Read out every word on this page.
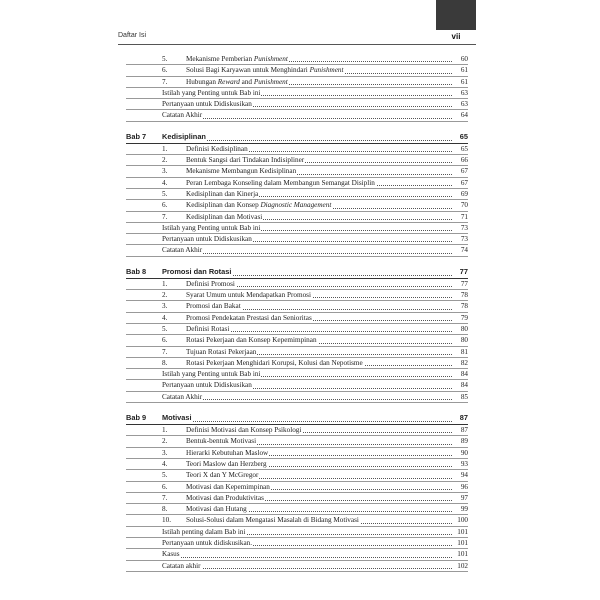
Daftar Isi	vii
5.	Mekanisme Pemberian Punishment	60
6.	Solusi Bagi Karyawan untuk Menghindari Punishment	61
7.	Hubungan Reward and Punishment	61
Istilah yang Penting untuk Bab ini	63
Pertanyaan untuk Didiskusikan	63
Catatan Akhir	64
Bab 7 Kedisiplinan	65
1.	Definisi Kedisiplinan	65
2.	Bentuk Sangsi dari Tindakan Indisipliner	66
3.	Mekanisme Membangun Kedisiplinan	67
4.	Peran Lembaga Konseling dalam Membangun Semangat Disiplin	67
5.	Kedisiplinan dan Kinerja	69
6.	Kedisiplinan dan Konsep Diagnostic Management	70
7.	Kedisiplinan dan Motivasi	71
Istilah yang Penting untuk Bab ini	73
Pertanyaan untuk Didiskusikan	73
Catatan Akhir	74
Bab 8 Promosi dan Rotasi	77
1.	Definisi Promosi	77
2.	Syarat Umum untuk Mendapatkan Promosi	78
3.	Promosi dan Bakat	78
4.	Promosi Pendekatan Prestasi dan Senioritas	79
5.	Definisi Rotasi	80
6.	Rotasi Pekerjaan dan Konsep Kepemimpinan	80
7.	Tujuan Rotasi Pekerjaan	81
8.	Rotasi Pekerjaan Menghidari Korupsi, Kolusi dan Nepotisme	82
Istilah yang Penting untuk Bab ini	84
Pertanyaan untuk Didiskusikan	84
Catatan Akhir	85
Bab 9 Motivasi	87
1.	Definisi Motivasi dan Konsep Psikologi	87
2.	Bentuk-bentuk Motivasi	89
3.	Hierarki Kebutuhan Maslow	90
4.	Teori Maslow dan Herzberg	93
5.	Teori X dan Y McGregor	94
6.	Motivasi dan Kepemimpinan	96
7.	Motivasi dan Produktivitas	97
8.	Motivasi dan Hutang	99
10. Solusi-Solusi dalam Mengatasi Masalah di Bidang Motivasi	100
Istilah penting dalam Bab ini	101
Pertanyaan untuk didiskusikan.	101
Kasus	101
Catatan akhir	102
